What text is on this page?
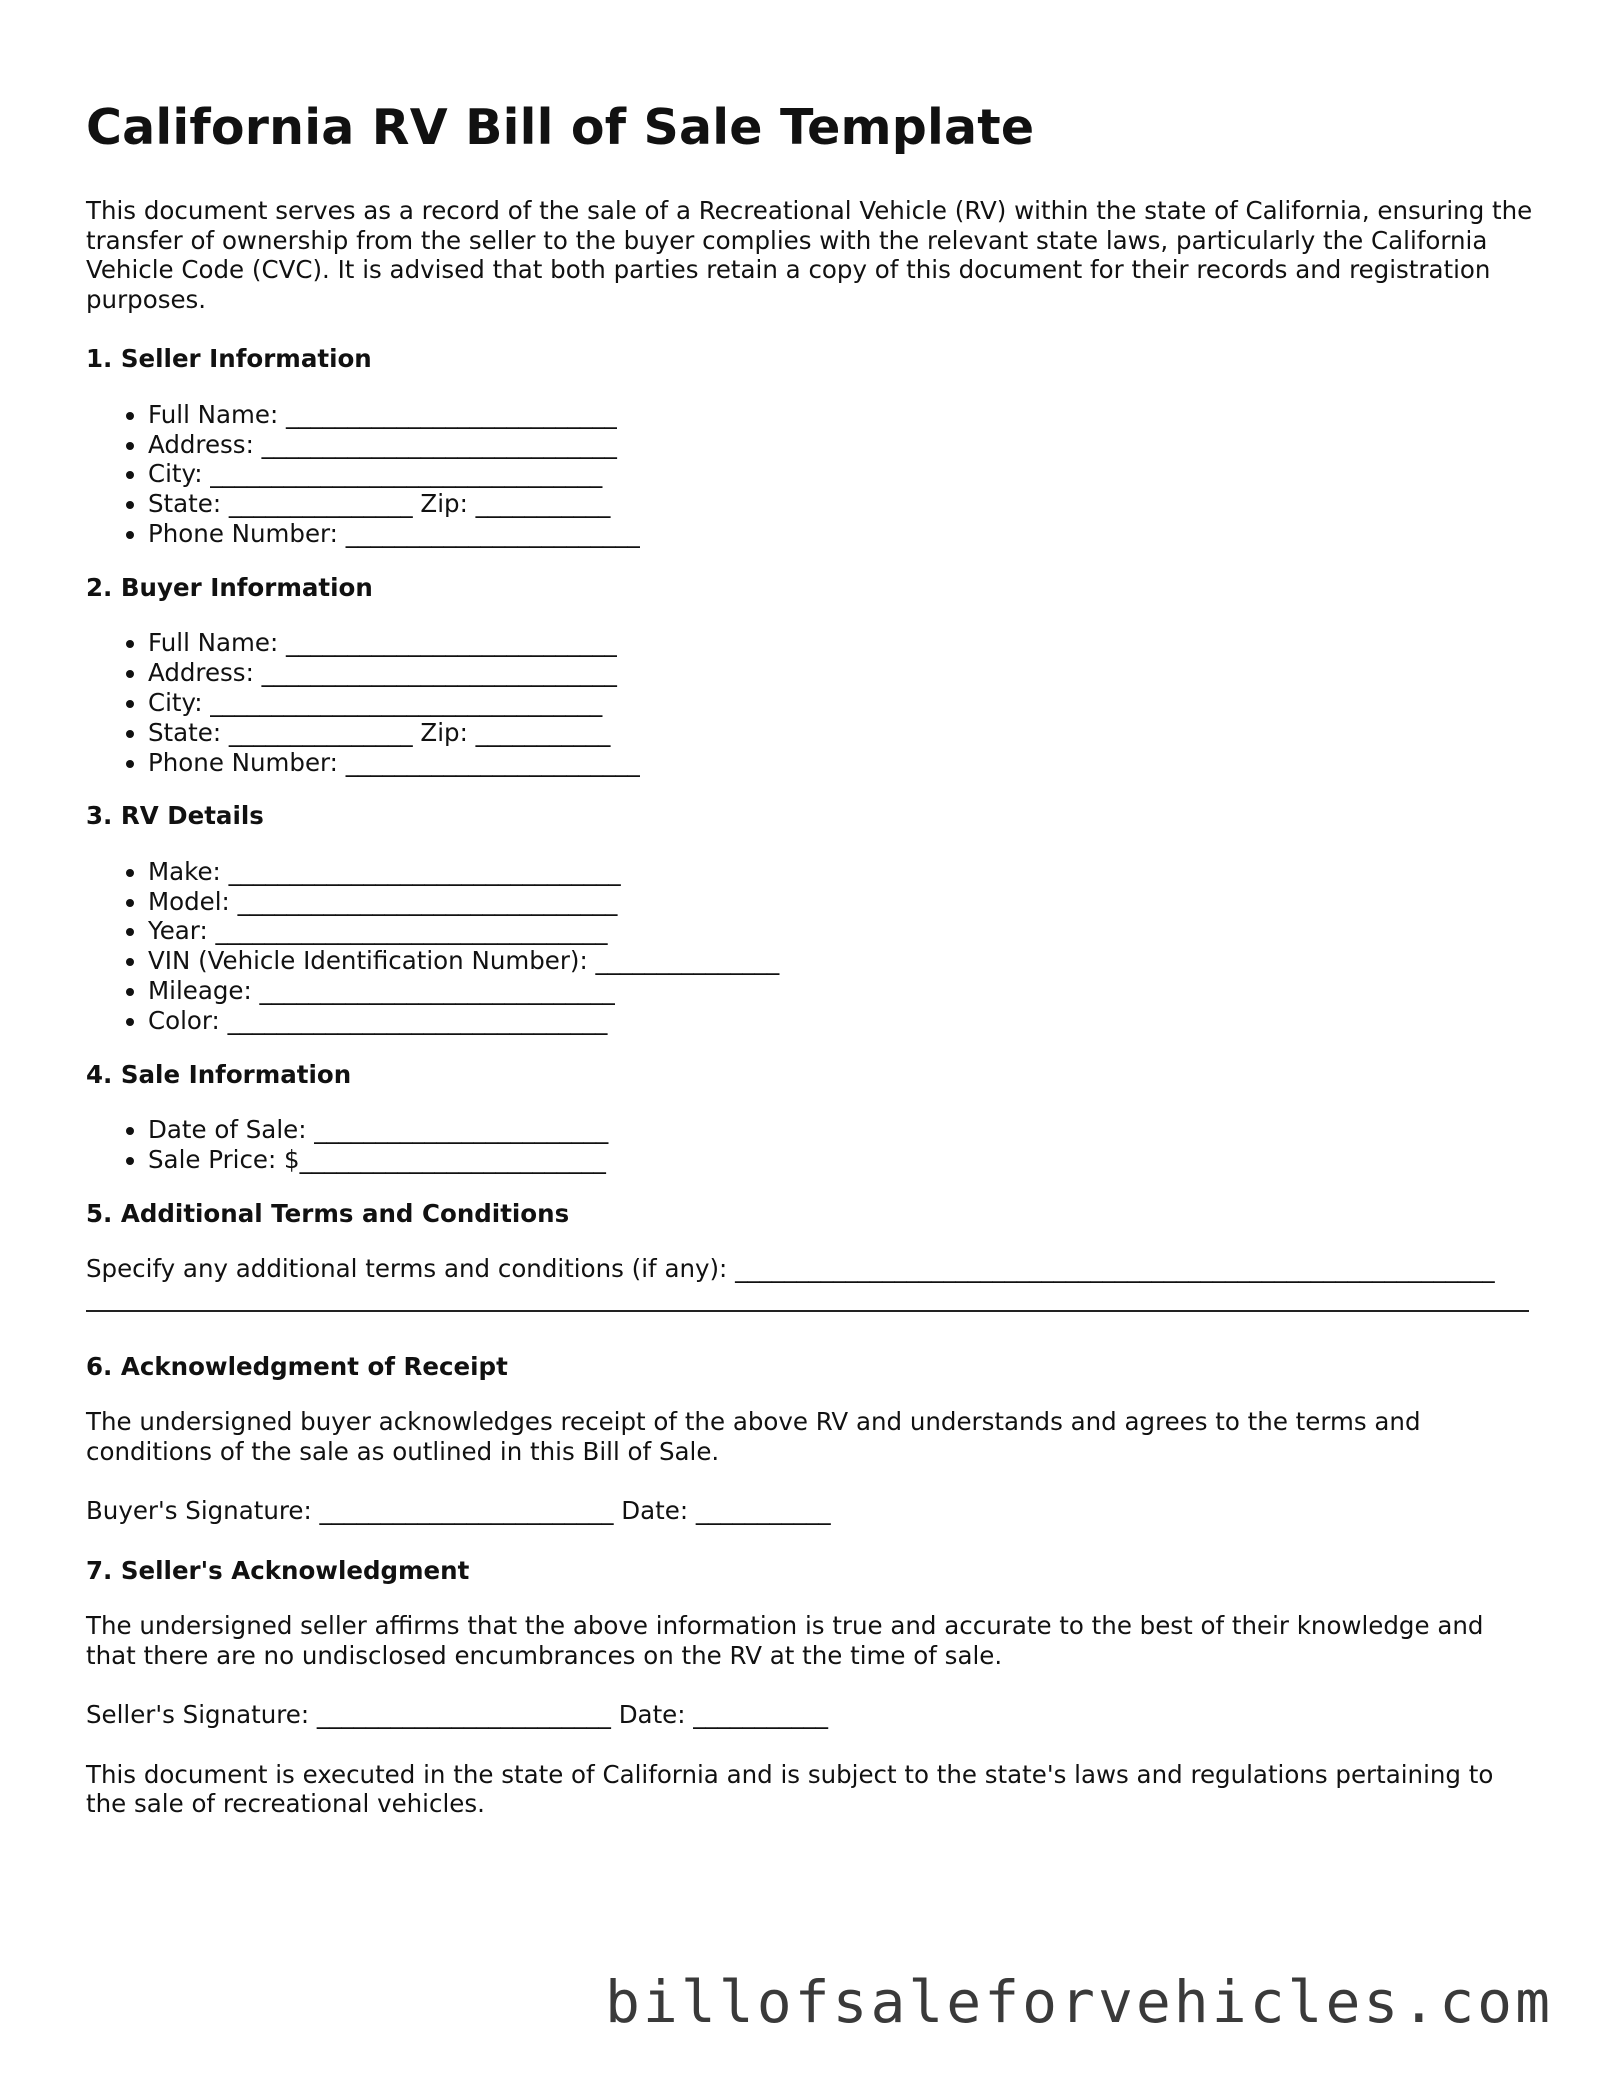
California RV Bill of Sale Template

This document serves as a record of the sale of a Recreational Vehicle (RV) within the state of California, ensuring the transfer of ownership from the seller to the buyer complies with the relevant state laws, particularly the California Vehicle Code (CVC). It is advised that both parties retain a copy of this document for their records and registration purposes.

1. Seller Information
• Full Name: ___________________________
• Address: _____________________________
• City: ________________________________
• State: _______________ Zip: ___________
• Phone Number: ________________________
2. Buyer Information
• Full Name: ___________________________
• Address: _____________________________
• City: ________________________________
• State: _______________ Zip: ___________
• Phone Number: ________________________
3. RV Details
• Make: ________________________________
• Model: _______________________________
• Year: ________________________________
• VIN (Vehicle Identification Number): _______________
• Mileage: _____________________________
• Color: _______________________________
4. Sale Information
• Date of Sale: ________________________
• Sale Price: $_________________________
5. Additional Terms and Conditions

Specify any additional terms and conditions (if any): ______________________________________________________________

6. Acknowledgment of Receipt

The undersigned buyer acknowledges receipt of the above RV and understands and agrees to the terms and conditions of the sale as outlined in this Bill of Sale.

Buyer's Signature: ________________________ Date: ___________

7. Seller's Acknowledgment

The undersigned seller affirms that the above information is true and accurate to the best of their knowledge and that there are no undisclosed encumbrances on the RV at the time of sale.

Seller's Signature: ________________________ Date: ___________

This document is executed in the state of California and is subject to the state's laws and regulations pertaining to the sale of recreational vehicles.

billofsaleforvehicles.com
